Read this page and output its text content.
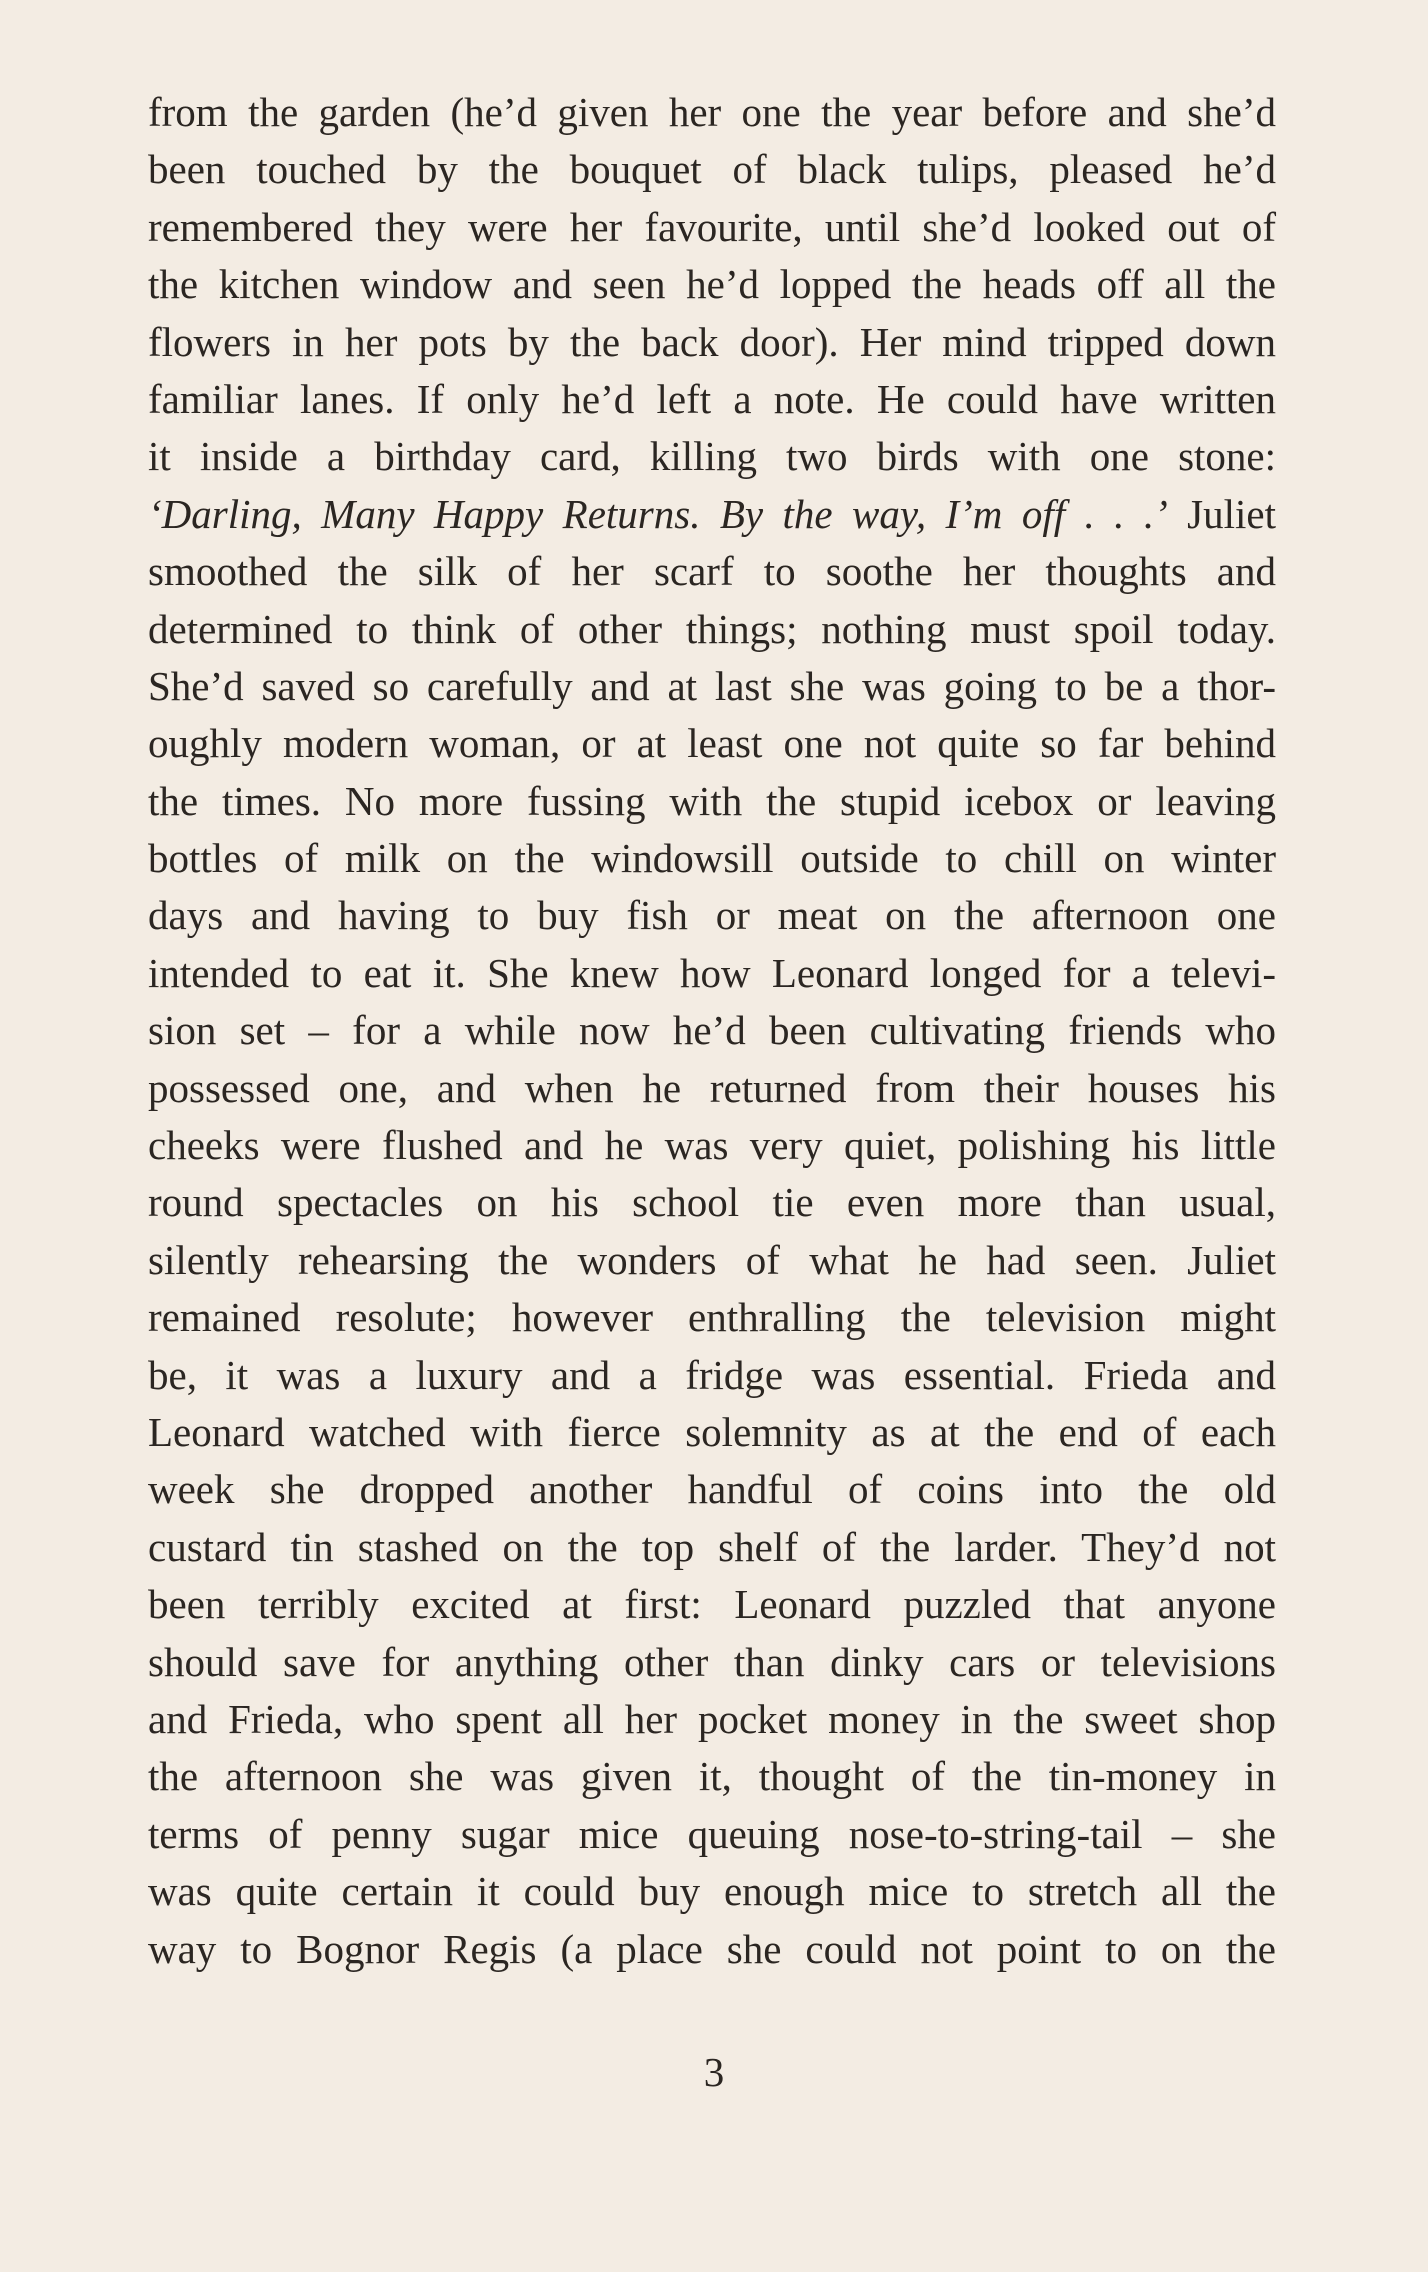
from the garden (he’d given her one the year before and she’d
been touched by the bouquet of black tulips, pleased he’d
remembered they were her favourite, until she’d looked out of
the kitchen window and seen he’d lopped the heads off all the
flowers in her pots by the back door). Her mind tripped down
familiar lanes. If only he’d left a note. He could have written
it inside a birthday card, killing two birds with one stone:
‘Darling, Many Happy Returns. By the way, I’m off . . .’ Juliet
smoothed the silk of her scarf to soothe her thoughts and
determined to think of other things; nothing must spoil today.
She’d saved so carefully and at last she was going to be a thor-
oughly modern woman, or at least one not quite so far behind
the times. No more fussing with the stupid icebox or leaving
bottles of milk on the windowsill outside to chill on winter
days and having to buy fish or meat on the afternoon one
intended to eat it. She knew how Leonard longed for a televi-
sion set – for a while now he’d been cultivating friends who
possessed one, and when he returned from their houses his
cheeks were flushed and he was very quiet, polishing his little
round spectacles on his school tie even more than usual,
silently rehearsing the wonders of what he had seen. Juliet
remained resolute; however enthralling the television might
be, it was a luxury and a fridge was essential. Frieda and
Leonard watched with fierce solemnity as at the end of each
week she dropped another handful of coins into the old
custard tin stashed on the top shelf of the larder. They’d not
been terribly excited at first: Leonard puzzled that anyone
should save for anything other than dinky cars or televisions
and Frieda, who spent all her pocket money in the sweet shop
the afternoon she was given it, thought of the tin-money in
terms of penny sugar mice queuing nose-to-string-tail – she
was quite certain it could buy enough mice to stretch all the
way to Bognor Regis (a place she could not point to on the
3
